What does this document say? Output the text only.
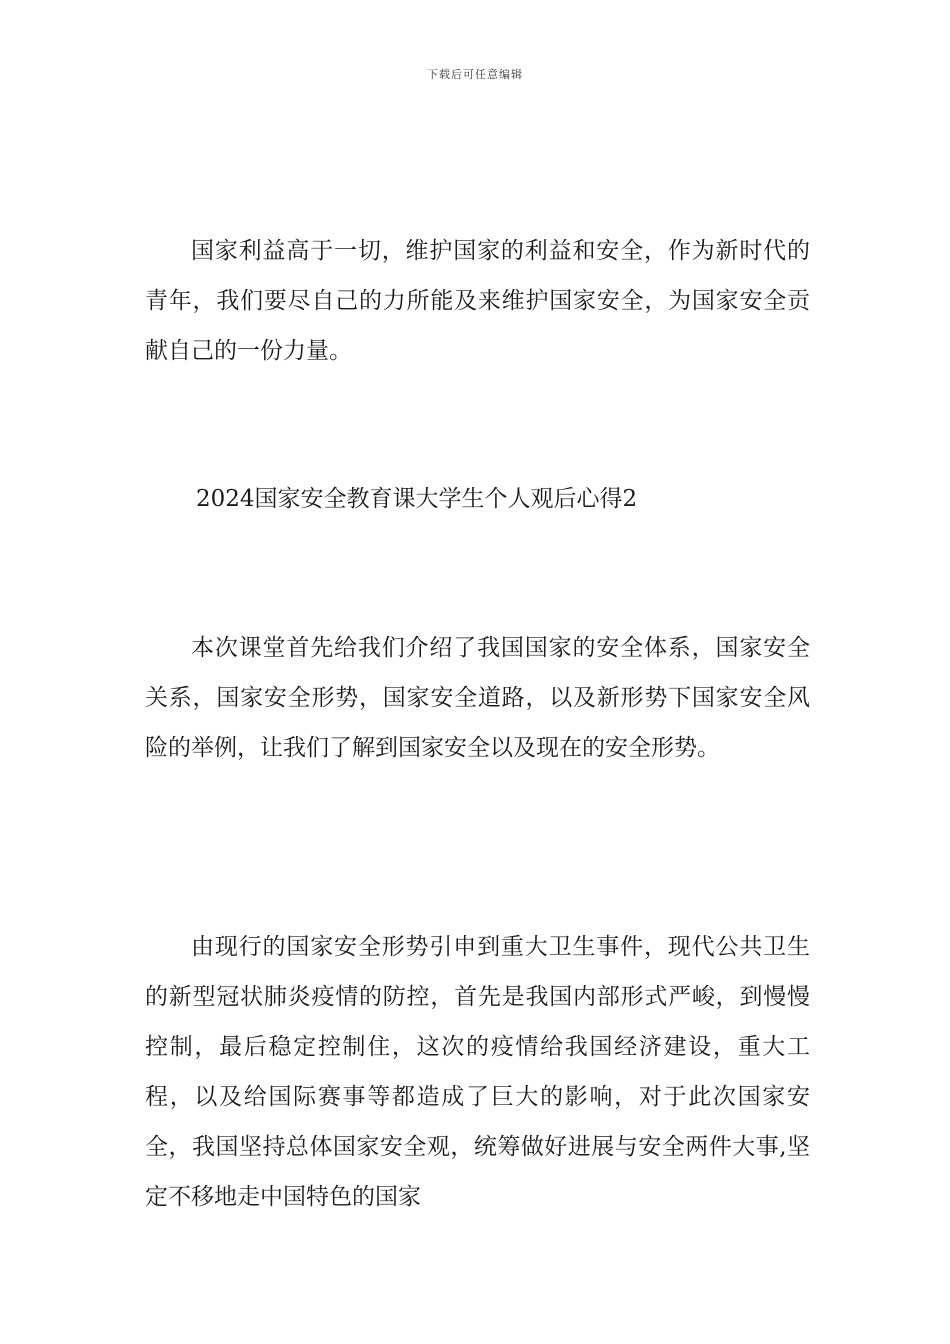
下载后可任意编辑

国家利益高于一切，维护国家的利益和安全，作为新时代的青年，我们要尽自己的力所能及来维护国家安全，为国家安全贡献自己的一份力量。

2024国家安全教育课大学生个人观后心得2

本次课堂首先给我们介绍了我国国家的安全体系，国家安全关系，国家安全形势，国家安全道路，以及新形势下国家安全风险的举例，让我们了解到国家安全以及现在的安全形势。

由现行的国家安全形势引申到重大卫生事件，现代公共卫生的新型冠状肺炎疫情的防控，首先是我国内部形式严峻，到慢慢控制，最后稳定控制住，这次的疫情给我国经济建设，重大工程，以及给国际赛事等都造成了巨大的影响，对于此次国家安全，我国坚持总体国家安全观，统筹做好进展与安全两件大事,坚定不移地走中国特色的国家
